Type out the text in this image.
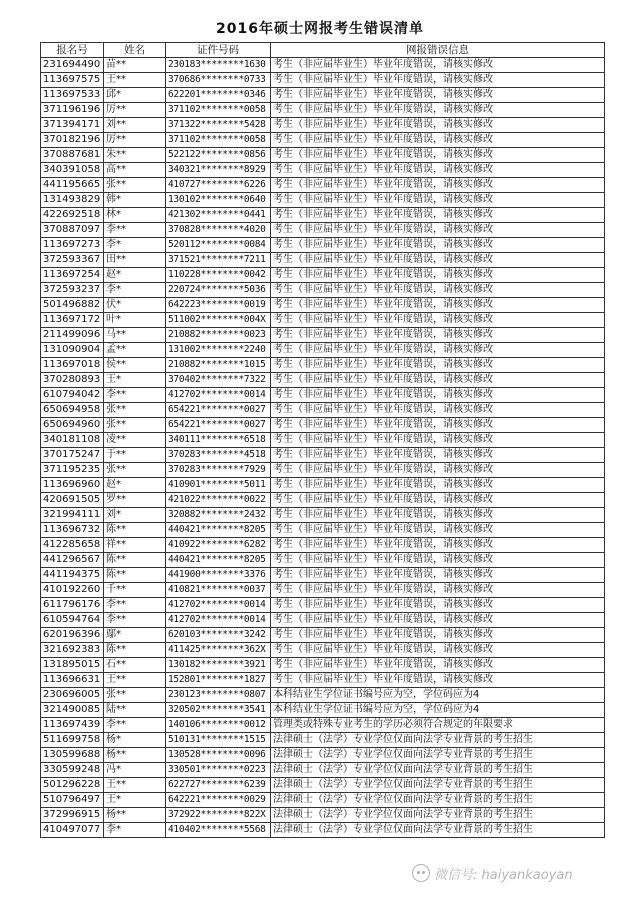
2016年硕士网报考生错误清单
报名号	姓名	证件号码	网报错误信息
231694490	苗**	230183********1630	考生（非应届毕业生）毕业年度错误，请核实修改
113697575	王**	370686********0733	考生（非应届毕业生）毕业年度错误，请核实修改
113697533	邱*	622201********0346	考生（非应届毕业生）毕业年度错误，请核实修改
371196196	厉**	371102********0058	考生（非应届毕业生）毕业年度错误，请核实修改
371394171	刘**	371322********5428	考生（非应届毕业生）毕业年度错误，请核实修改
370182196	厉**	371102********0058	考生（非应届毕业生）毕业年度错误，请核实修改
370887681	朱**	522122********0856	考生（非应届毕业生）毕业年度错误，请核实修改
340391058	高**	340321********8929	考生（非应届毕业生）毕业年度错误，请核实修改
441195665	张**	410727********6226	考生（非应届毕业生）毕业年度错误，请核实修改
131493829	韩*	130102********0640	考生（非应届毕业生）毕业年度错误，请核实修改
422692518	林*	421302********0441	考生（非应届毕业生）毕业年度错误，请核实修改
370887097	李**	370828********4020	考生（非应届毕业生）毕业年度错误，请核实修改
113697273	李*	520112********0084	考生（非应届毕业生）毕业年度错误，请核实修改
372593367	田**	371521********7211	考生（非应届毕业生）毕业年度错误，请核实修改
113697254	赵*	110228********0042	考生（非应届毕业生）毕业年度错误，请核实修改
372593237	李*	220724********5036	考生（非应届毕业生）毕业年度错误，请核实修改
501496882	伏*	642223********0019	考生（非应届毕业生）毕业年度错误，请核实修改
113697172	叶*	511002********004X	考生（非应届毕业生）毕业年度错误，请核实修改
211499096	马**	210882********0023	考生（非应届毕业生）毕业年度错误，请核实修改
131090904	孟**	131002********2240	考生（非应届毕业生）毕业年度错误，请核实修改
113697018	侯**	210882********1015	考生（非应届毕业生）毕业年度错误，请核实修改
370280893	王*	370402********7322	考生（非应届毕业生）毕业年度错误，请核实修改
610794042	李**	412702********0014	考生（非应届毕业生）毕业年度错误，请核实修改
650694958	张**	654221********0027	考生（非应届毕业生）毕业年度错误，请核实修改
650694960	张**	654221********0027	考生（非应届毕业生）毕业年度错误，请核实修改
340181108	凌**	340111********6518	考生（非应届毕业生）毕业年度错误，请核实修改
370175247	于**	370283********4518	考生（非应届毕业生）毕业年度错误，请核实修改
371195235	张**	370283********7929	考生（非应届毕业生）毕业年度错误，请核实修改
113696960	赵*	410901********5011	考生（非应届毕业生）毕业年度错误，请核实修改
420691505	罗**	421022********0022	考生（非应届毕业生）毕业年度错误，请核实修改
321994111	刘*	320882********2432	考生（非应届毕业生）毕业年度错误，请核实修改
113696732	陈**	440421********8205	考生（非应届毕业生）毕业年度错误，请核实修改
412285658	祥**	410922********6282	考生（非应届毕业生）毕业年度错误，请核实修改
441296567	陈**	440421********8205	考生（非应届毕业生）毕业年度错误，请核实修改
441194375	陈**	441900********3376	考生（非应届毕业生）毕业年度错误，请核实修改
410192260	千**	410821********0037	考生（非应届毕业生）毕业年度错误，请核实修改
611796176	李**	412702********0014	考生（非应届毕业生）毕业年度错误，请核实修改
610594764	李**	412702********0014	考生（非应届毕业生）毕业年度错误，请核实修改
620196396	鄢*	620103********3242	考生（非应届毕业生）毕业年度错误，请核实修改
321692383	陈**	411425********362X	考生（非应届毕业生）毕业年度错误，请核实修改
131895015	石**	130182********3921	考生（非应届毕业生）毕业年度错误，请核实修改
113696631	王**	152801********1827	考生（非应届毕业生）毕业年度错误，请核实修改
230696005	张**	230123********0807	本科结业生学位证书编号应为空，学位码应为4
321490085	陆**	320502********3541	本科结业生学位证书编号应为空，学位码应为4
113697439	李**	140106********0012	管理类或特殊专业考生的学历必须符合规定的年限要求
511699758	杨*	510131********1515	法律硕士（法学）专业学位仅面向法学专业背景的考生招生
130599688	杨**	130528********0096	法律硕士（法学）专业学位仅面向法学专业背景的考生招生
330599248	冯*	330501********0223	法律硕士（法学）专业学位仅面向法学专业背景的考生招生
501296228	王**	622727********6239	法律硕士（法学）专业学位仅面向法学专业背景的考生招生
510796497	王*	642221********0029	法律硕士（法学）专业学位仅面向法学专业背景的考生招生
372996915	杨**	372922********822X	法律硕士（法学）专业学位仅面向法学专业背景的考生招生
410497077	李*	410402********5568	法律硕士（法学）专业学位仅面向法学专业背景的考生招生
微信号: haiyankaoyan
